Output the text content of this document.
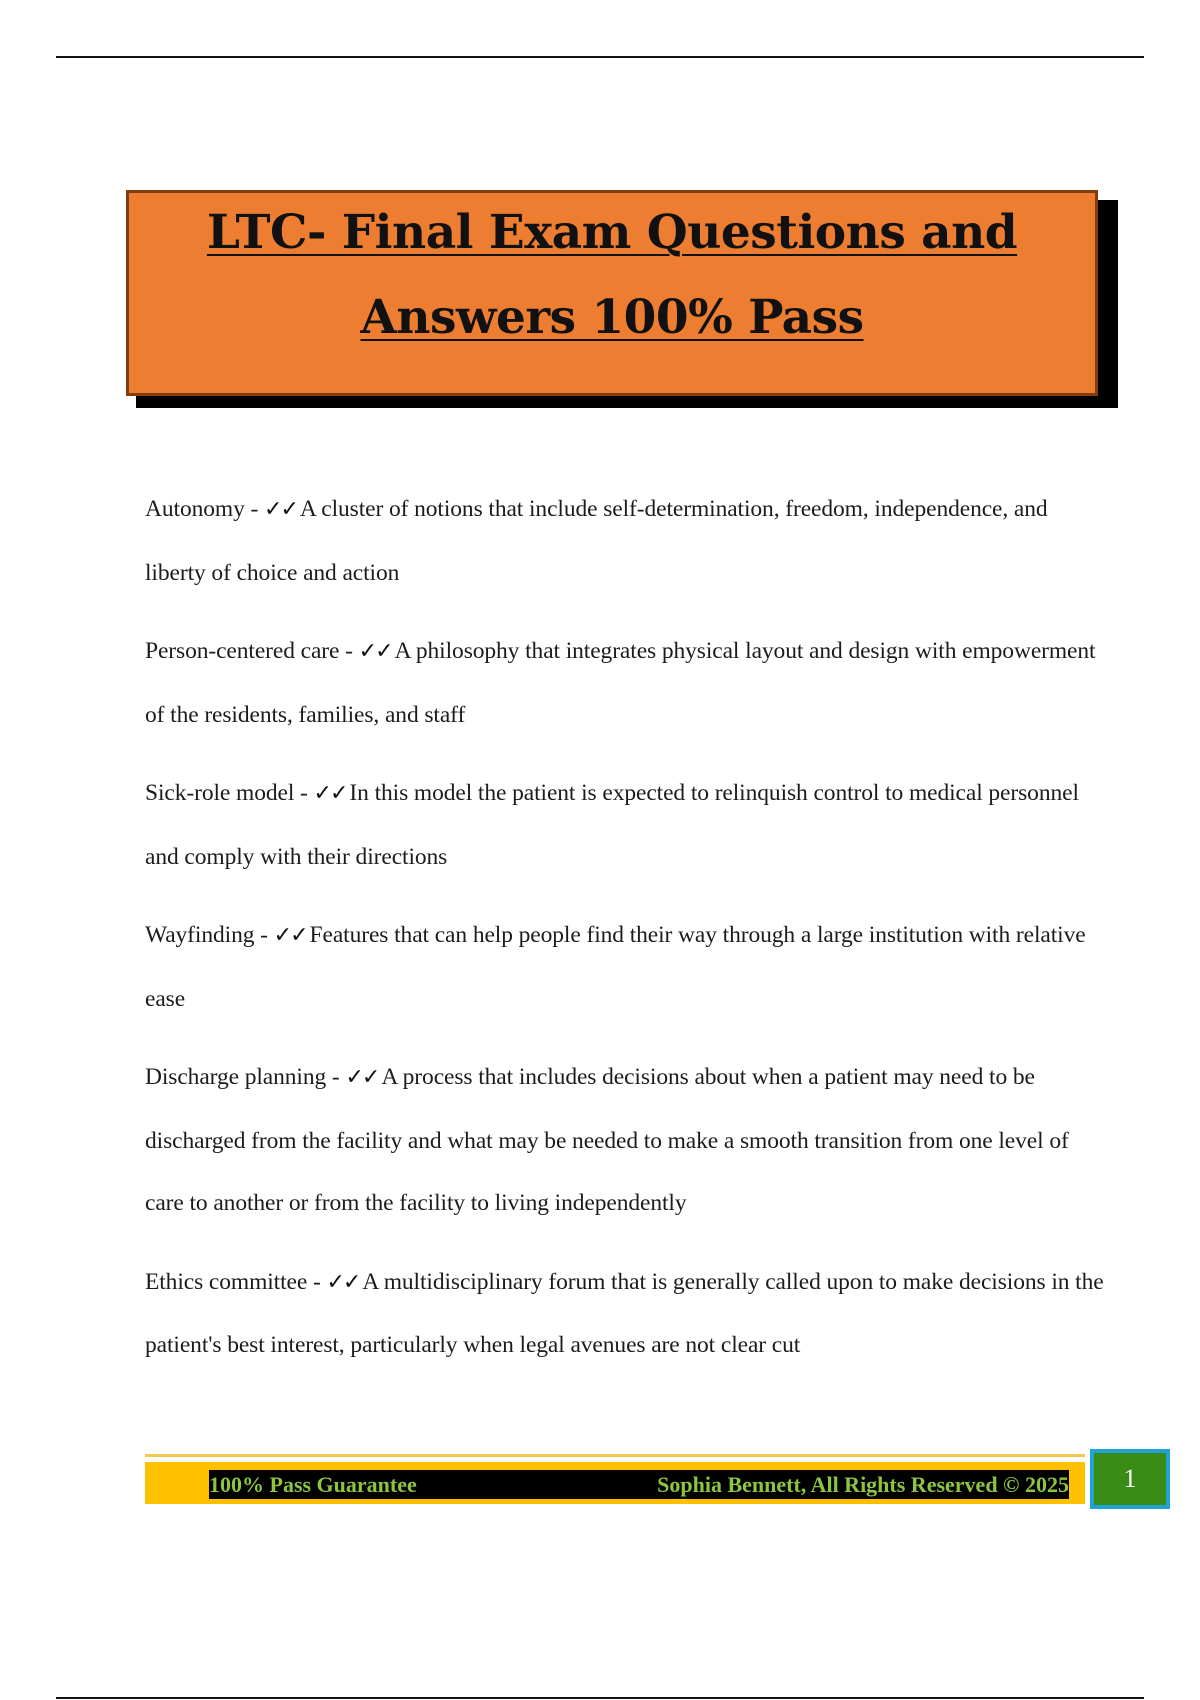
LTC- Final Exam Questions and
Answers 100% Pass

Autonomy - ✓✓ A cluster of notions that include self-determination, freedom, independence, and liberty of choice and action

Person-centered care - ✓✓ A philosophy that integrates physical layout and design with empowerment of the residents, families, and staff

Sick-role model - ✓✓ In this model the patient is expected to relinquish control to medical personnel and comply with their directions

Wayfinding - ✓✓ Features that can help people find their way through a large institution with relative ease

Discharge planning - ✓✓ A process that includes decisions about when a patient may need to be discharged from the facility and what may be needed to make a smooth transition from one level of care to another or from the facility to living independently

Ethics committee - ✓✓ A multidisciplinary forum that is generally called upon to make decisions in the patient's best interest, particularly when legal avenues are not clear cut

100% Pass Guarantee	Sophia Bennett, All Rights Reserved © 2025	1
